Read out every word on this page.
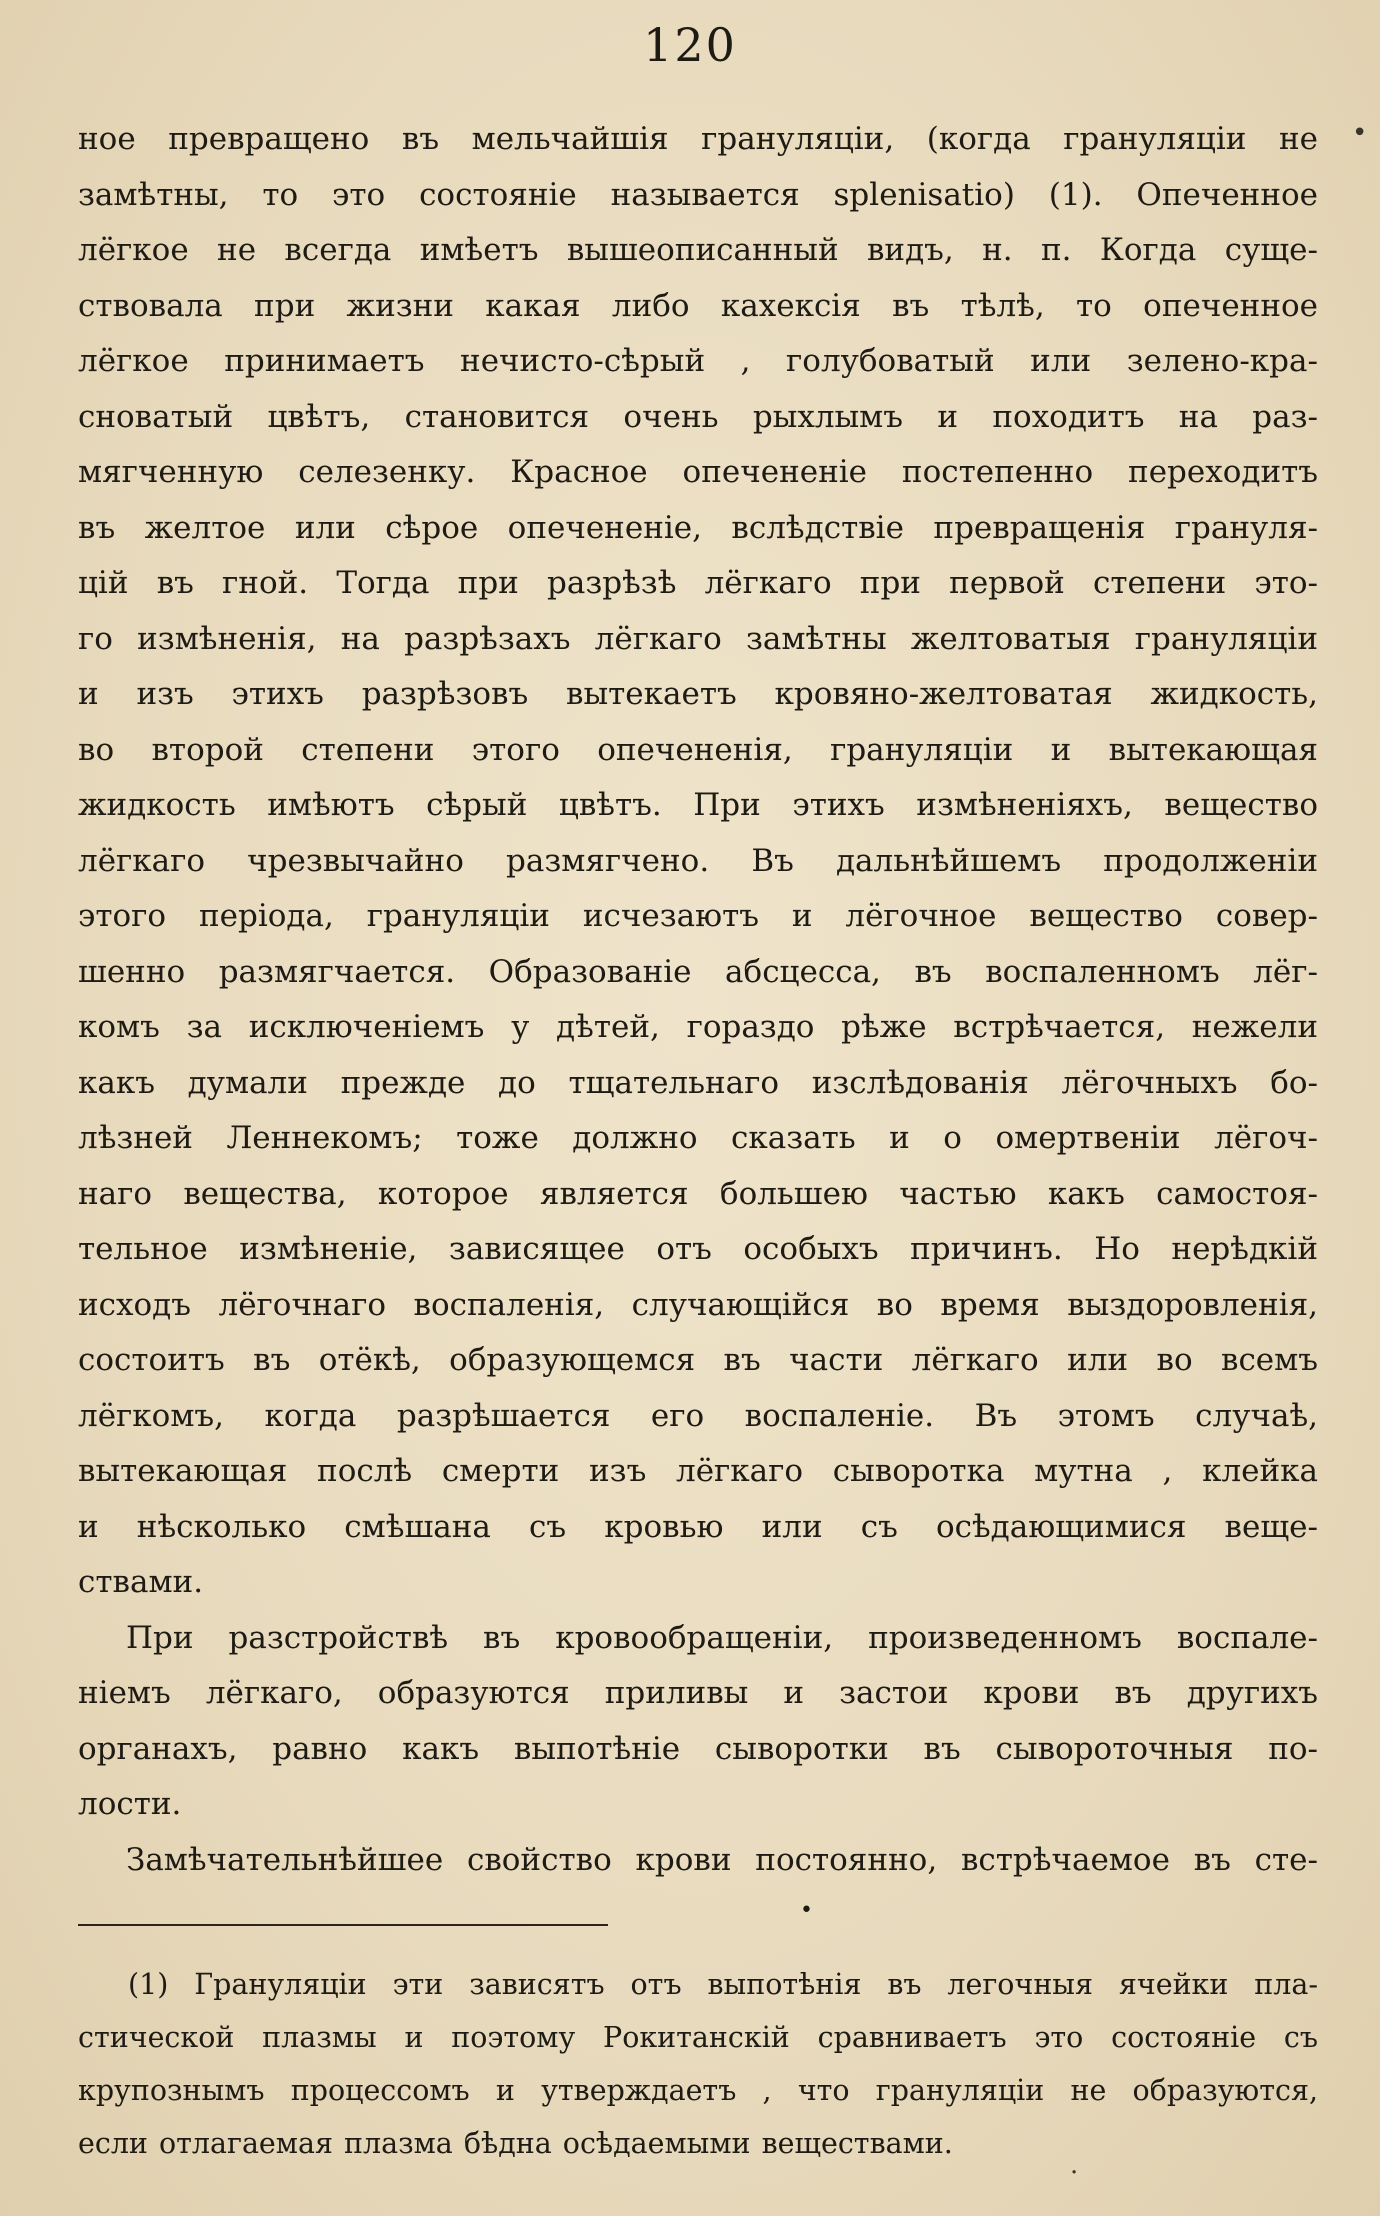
120
ное превращено въ мельчайшія грануляціи, (когда грануляціи не
замѣтны, то это состояніе называется splenisatio) (1). Опеченное
лёгкое не всегда имѣетъ вышеописанный видъ, н. п. Когда суще-
ствовала при жизни какая либо кахексія въ тѣлѣ, то опеченное
лёгкое принимаетъ нечисто-сѣрый , голубоватый или зелено-кра-
сноватый цвѣтъ, становится очень рыхлымъ и походитъ на раз-
мягченную селезенку. Красное опечененіе постепенно переходитъ
въ желтое или сѣрое опечененіе, вслѣдствіе превращенія грануля-
цій въ гной. Тогда при разрѣзѣ лёгкаго при первой степени это-
го измѣненія, на разрѣзахъ лёгкаго замѣтны желтоватыя грануляціи
и изъ этихъ разрѣзовъ вытекаетъ кровяно-желтоватая жидкость,
во второй степени этого опечененія, грануляціи и вытекающая
жидкость имѣютъ сѣрый цвѣтъ. При этихъ измѣненіяхъ, вещество
лёгкаго чрезвычайно размягчено. Въ дальнѣйшемъ продолженіи
этого періода, грануляціи исчезаютъ и лёгочное вещество совер-
шенно размягчается. Образованіе абсцесса, въ воспаленномъ лёг-
комъ за исключеніемъ у дѣтей, гораздо рѣже встрѣчается, нежели
какъ думали прежде до тщательнаго изслѣдованія лёгочныхъ бо-
лѣзней Леннекомъ; тоже должно сказать и о омертвеніи лёгоч-
наго вещества, которое является большею частью какъ самостоя-
тельное измѣненіе, зависящее отъ особыхъ причинъ. Но нерѣдкій
исходъ лёгочнаго воспаленія, случающійся во время выздоровленія,
состоитъ въ отёкѣ, образующемся въ части лёгкаго или во всемъ
лёгкомъ, когда разрѣшается его воспаленіе. Въ этомъ случаѣ,
вытекающая послѣ смерти изъ лёгкаго сыворотка мутна , клейка
и нѣсколько смѣшана съ кровью или съ осѣдающимися веще-
ствами.
При разстройствѣ въ кровообращеніи, произведенномъ воспале-
ніемъ лёгкаго, образуются приливы и застои крови въ другихъ
органахъ, равно какъ выпотѣніе сыворотки въ сывороточныя по-
лости.
Замѣчательнѣйшее свойство крови постоянно, встрѣчаемое въ сте-
•
(1) Грануляціи эти зависятъ отъ выпотѣнія въ легочныя ячейки пла-
стической плазмы и поэтому Рокитанскій сравниваетъ это состояніе съ
крупознымъ процессомъ и утверждаетъ , что грануляціи не образуются,
если отлагаемая плазма бѣдна осѣдаемыми веществами.
•
·
